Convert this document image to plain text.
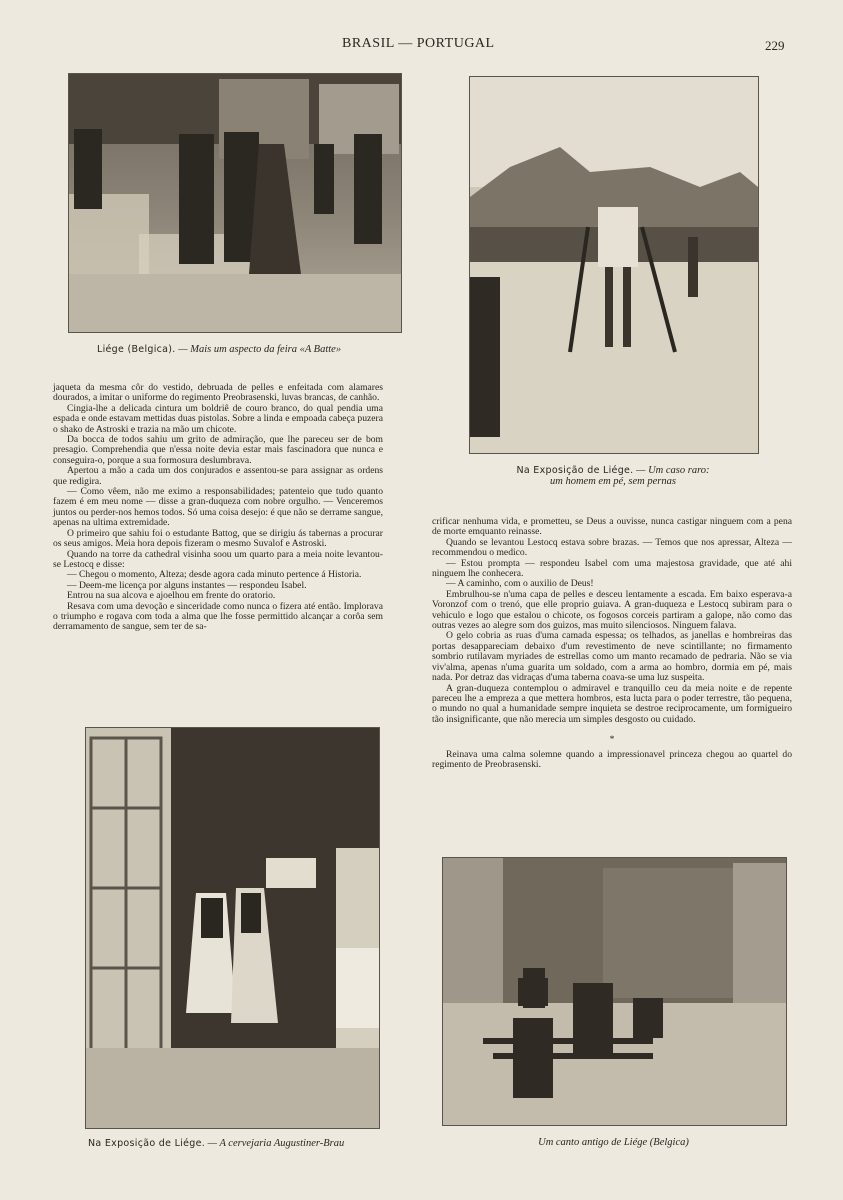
BRASIL — PORTUGAL	229
Liége (Belgica). — Mais um aspecto da feira «A Batte»
Na Exposição de Liége. — Um caso raro:
um homem em pé, sem pernas

jaqueta da mesma côr do vestido, debruada de pelles e enfeitada com alamares dourados, a imitar o uniforme do regimento Preobrasenski, luvas brancas, de canhão.

Cingia-lhe a delicada cintura um boldriê de couro branco, do qual pendia uma espada e onde estavam mettidas duas pistolas. Sobre a linda e empoada cabeça puzera o shako de Astroski e trazia na mão um chicote.

Da bocca de todos sahiu um grito de admiração, que lhe pareceu ser de bom presagio. Comprehendia que n'essa noite devia estar mais fascinadora que nunca e conseguira-o, porque a sua formosura deslumbrava.

Apertou a mão a cada um dos conjurados e assentou-se para assignar as ordens que redigira.

— Como vêem, não me eximo a responsabilidades; patenteio que tudo quanto fazem é em meu nome — disse a gran-duqueza com nobre orgulho. — Venceremos juntos ou perder-nos hemos todos. Só uma coisa desejo: é que não se derrame sangue, apenas na ultima extremidade.

O primeiro que sahiu foi o estudante Battog, que se dirigiu ás tabernas a procurar os seus amigos. Meia hora depois fizeram o mesmo Suvalof e Astroski.

Quando na torre da cathedral visinha soou um quarto para a meia noite levantou-se Lestocq e disse:

— Chegou o momento, Alteza; desde agora cada minuto pertence á Historia.

— Deem-me licença por alguns instantes — respondeu Isabel.

Entrou na sua alcova e ajoelhou em frente do oratorio.

Resava com uma devoção e sinceridade como nunca o fizera até então. Implorava o triumpho e rogava com toda a alma que lhe fosse permittido alcançar a corôa sem derramamento de sangue, sem ter de sa-

crificar nenhuma vida, e prometteu, se Deus a ouvisse, nunca castigar ninguem com a pena de morte emquanto reinasse.

Quando se levantou Lestocq estava sobre brazas. — Temos que nos apressar, Alteza — recommendou o medico.

— Estou prompta — respondeu Isabel com uma majestosa gravidade, que até ahi ninguem lhe conhecera.

— A caminho, com o auxilio de Deus!

Embrulhou-se n'uma capa de pelles e desceu lentamente a escada. Em baixo esperava-a Voronzof com o trenó, que elle proprio guiava. A gran-duqueza e Lestocq subiram para o vehiculo e logo que estalou o chicote, os fogosos corceis partiram a galope, não como das outras vezes ao alegre som dos guizos, mas muito silenciosos. Ninguem falava.

O gelo cobria as ruas d'uma camada espessa; os telhados, as janellas e hombreiras das portas desappareciam debaixo d'um revestimento de neve scintillante; no firmamento sombrio rutilavam myriades de estrellas como um manto recamado de pedraria. Não se via viv'alma, apenas n'uma guarita um soldado, com a arma ao hombro, dormia em pé, mais nada. Por detraz das vidraças d'uma taberna coava-se uma luz suspeita.

A gran-duqueza contemplou o admiravel e tranquillo ceu da meia noite e de repente pareceu lhe a empreza a que mettera hombros, esta lucta para o poder terrestre, tão pequena, o mundo no qual a humanidade sempre inquieta se destroe reciprocamente, um formigueiro tão insignificante, que não merecia um simples desgosto ou cuidado.

*

Reinava uma calma solemne quando a impressionavel princeza chegou ao quartel do regimento de Preobrasenski.

Na Exposição de Liége. — A cervejaria Augustiner-Brau	Um canto antigo de Liége (Belgica)
